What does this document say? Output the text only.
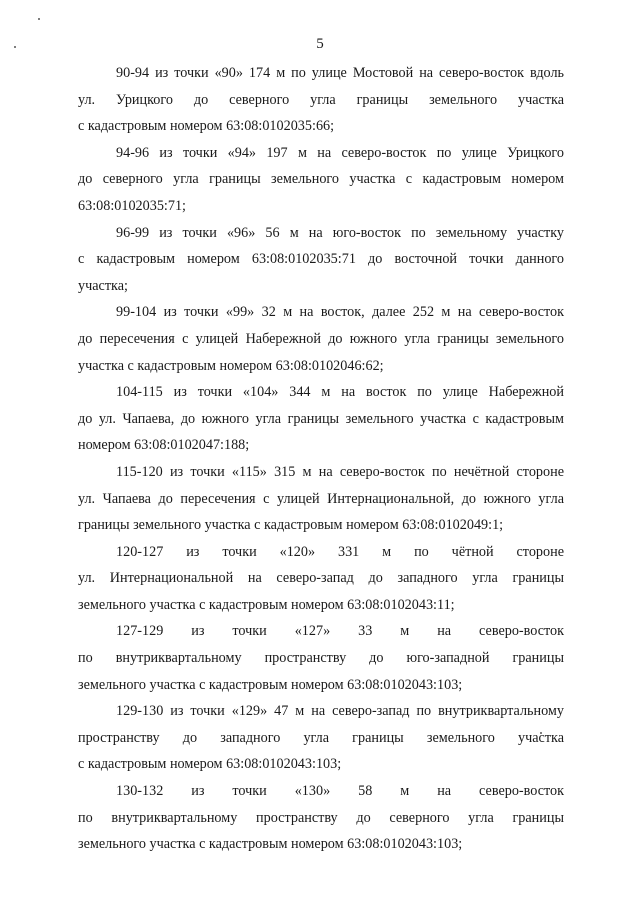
5

90-94 из точки «90» 174 м по улице Мостовой на северо-восток вдоль
ул. Урицкого до северного угла границы земельного участка
с кадастровым номером 63:08:0102035:66;

94-96 из точки «94» 197 м на северо-восток по улице Урицкого
до северного угла границы земельного участка с кадастровым номером
63:08:0102035:71;

96-99 из точки «96» 56 м на юго-восток по земельному участку
с кадастровым номером 63:08:0102035:71 до восточной точки данного
участка;

99-104 из точки «99» 32 м на восток, далее 252 м на северо-восток
до пересечения с улицей Набережной до южного угла границы земельного
участка с кадастровым номером 63:08:0102046:62;

104-115 из точки «104» 344 м на восток по улице Набережной
до ул. Чапаева, до южного угла границы земельного участка с кадастровым
номером 63:08:0102047:188;

115-120 из точки «115» 315 м на северо-восток по нечётной стороне
ул. Чапаева до пересечения с улицей Интернациональной, до южного угла
границы земельного участка с кадастровым номером 63:08:0102049:1;

120-127 из точки «120» 331 м по чётной стороне
ул. Интернациональной на северо-запад до западного угла границы
земельного участка с кадастровым номером 63:08:0102043:11;

127-129 из точки «127» 33 м на северо-восток
по внутриквартальному пространству до юго-западной границы
земельного участка с кадастровым номером 63:08:0102043:103;

129-130 из точки «129» 47 м на северо-запад по внутриквартальному
пространству до западного угла границы земельного участка
с кадастровым номером 63:08:0102043:103;

130-132 из точки «130» 58 м на северо-восток
по внутриквартальному пространству до северного угла границы
земельного участка с кадастровым номером 63:08:0102043:103;
